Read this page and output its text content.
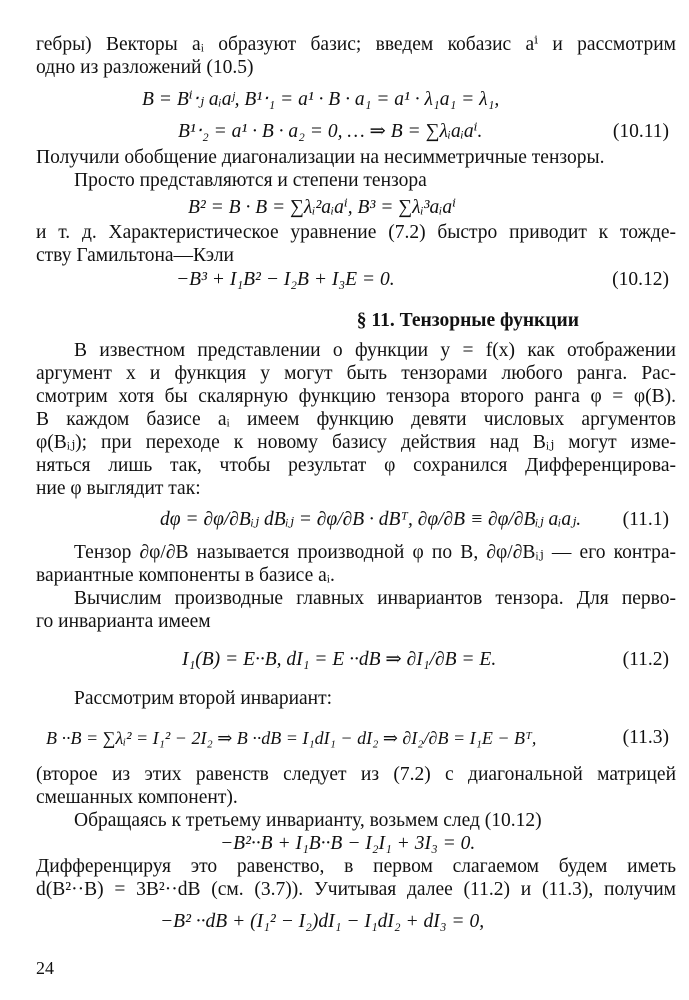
гебры) Векторы aᵢ образуют базис; введем кобазис aⁱ и рассмотрим
одно из разложений (10.5)
B = Bⁱ‧ⱼ aᵢaʲ, B¹‧₁ = a¹ · B · a₁ = a¹ · λ₁a₁ = λ₁,
B¹‧₂ = a¹ · B · a₂ = 0, … ⇒ B = ∑λᵢaᵢaⁱ.	(10.11)
Получили обобщение диагонализации на несимметричные тензоры.
Просто представляются и степени тензора
B² = B · B = ∑λᵢ²aᵢaⁱ, B³ = ∑λᵢ³aᵢaⁱ
и т. д. Характеристическое уравнение (7.2) быстро приводит к тожде-
ству Гамильтона—Кэли
−B³ + I₁B² − I₂B + I₃E = 0.	(10.12)
§ 11. Тензорные функции
В известном представлении о функции y = f(x) как отображении
аргумент x и функция y могут быть тензорами любого ранга. Рас-
смотрим хотя бы скалярную функцию тензора второго ранга φ = φ(B).
В каждом базисе aᵢ имеем функцию девяти числовых аргументов
φ(Bᵢⱼ); при переходе к новому базису действия над Bᵢⱼ могут изме-
няться лишь так, чтобы результат φ сохранился Дифференцирова-
ние φ выглядит так:
dφ = ∂φ/∂Bᵢⱼ dBᵢⱼ = ∂φ/∂B · dBᵀ, ∂φ/∂B ≡ ∂φ/∂Bᵢⱼ aᵢaⱼ. (11.1)
Тензор ∂φ/∂B называется производной φ по B, ∂φ/∂Bᵢⱼ — его контра-
вариантные компоненты в базисе aᵢ.
Вычислим производные главных инвариантов тензора. Для перво-
го инварианта имеем
I₁(B) = E··B, dI₁ = E ··dB ⇒ ∂I₁/∂B = E.	(11.2)
Рассмотрим второй инвариант:
B ··B = ∑λᵢ² = I₁² − 2I₂ ⇒ B ··dB = I₁dI₁ − dI₂ ⇒ ∂I₂/∂B = I₁E − Bᵀ,	(11.3)
(второе из этих равенств следует из (7.2) с диагональной матрицей
смешанных компонент).
Обращаясь к третьему инварианту, возьмем след (10.12)
−B²··B + I₁B··B − I₂I₁ + 3I₃ = 0.
Дифференцируя это равенство, в первом слагаемом будем иметь
d(B²··B) = 3B²··dB (см. (3.7)). Учитывая далее (11.2) и (11.3), получим
−B² ··dB + (I₁² − I₂)dI₁ − I₁dI₂ + dI₃ = 0,
24
